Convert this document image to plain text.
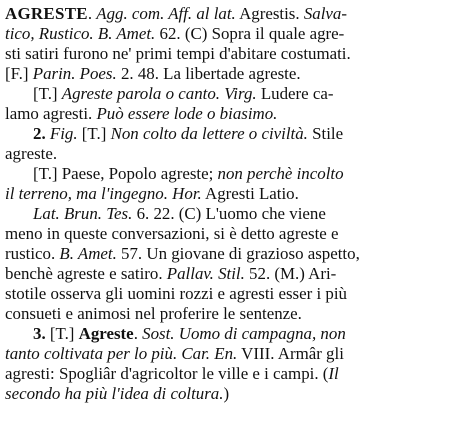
AGRESTE. Agg. com. Aff. al lat. Agrestis. Salva-
tico, Rustico. B. Amet. 62. (C) Sopra il quale agre-
sti satiri furono ne' primi tempi d'abitare costumati.
[F.] Parin. Poes. 2. 48. La libertade agreste.
[T.] Agreste parola o canto. Virg. Ludere ca-
lamo agresti. Può essere lode o biasimo.
2. Fig. [T.] Non colto da lettere o civiltà. Stile
agreste.
[T.] Paese, Popolo agreste; non perchè incolto
il terreno, ma l'ingegno. Hor. Agresti Latio.
Lat. Brun. Tes. 6. 22. (C) L'uomo che viene
meno in queste conversazioni, si è detto agreste e
rustico. B. Amet. 57. Un giovane di grazioso aspetto,
benchè agreste e satiro. Pallav. Stil. 52. (M.) Ari-
stotile osserva gli uomini rozzi e agresti esser i più
consueti e animosi nel proferire le sentenze.
3. [T.] Agreste. Sost. Uomo di campagna, non
tanto coltivata per lo più. Car. En. VIII. Armâr gli
agresti: Spogliâr d'agricoltor le ville e i campi. (Il
secondo ha più l'idea di coltura.)
